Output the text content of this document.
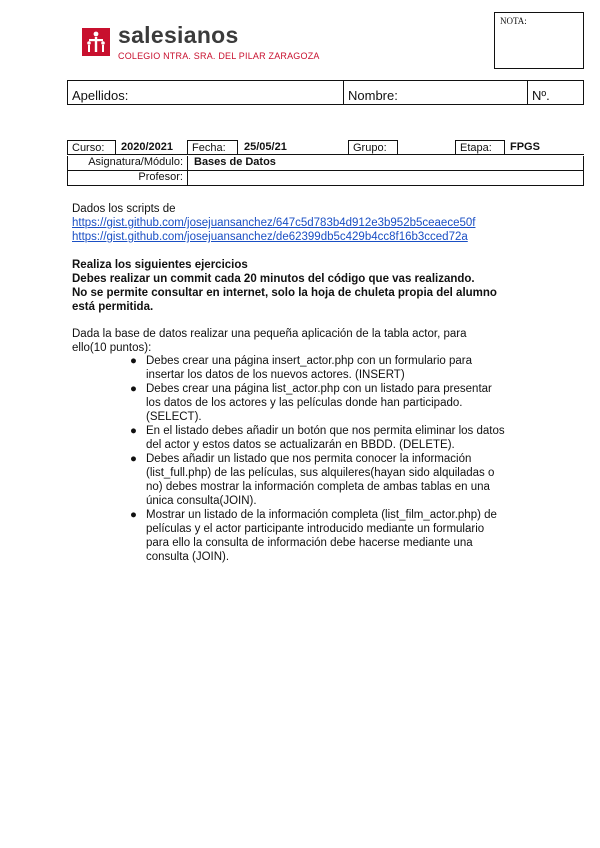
salesianos
COLEGIO NTRA. SRA. DEL PILAR ZARAGOZA
NOTA:
Apellidos:	Nombre:	Nº.
Curso:	2020/2021	Fecha:	25/05/21	Grupo:	Etapa:	FPGS
Asignatura/Módulo:	Bases de Datos
Profesor:
Dados los scripts de
https://gist.github.com/josejuansanchez/647c5d783b4d912e3b952b5ceaece50f
https://gist.github.com/josejuansanchez/de62399db5c429b4cc8f16b3cced72a
Realiza los siguientes ejercicios
Debes realizar un commit cada 20 minutos del código que vas realizando.
No se permite consultar en internet, solo la hoja de chuleta propia del alumno
está permitida.
Dada la base de datos realizar una pequeña aplicación de la tabla actor, para
ello(10 puntos):
● Debes crear una página insert_actor.php con un formulario para
insertar los datos de los nuevos actores. (INSERT)
● Debes crear una página list_actor.php con un listado para presentar
los datos de los actores y las películas donde han participado.
(SELECT).
● En el listado debes añadir un botón que nos permita eliminar los datos
del actor y estos datos se actualizarán en BBDD. (DELETE).
● Debes añadir un listado que nos permita conocer la información
(list_full.php) de las películas, sus alquileres(hayan sido alquiladas o
no) debes mostrar la información completa de ambas tablas en una
única consulta(JOIN).
● Mostrar un listado de la información completa (list_film_actor.php) de
películas y el actor participante introducido mediante un formulario
para ello la consulta de información debe hacerse mediante una
consulta (JOIN).
